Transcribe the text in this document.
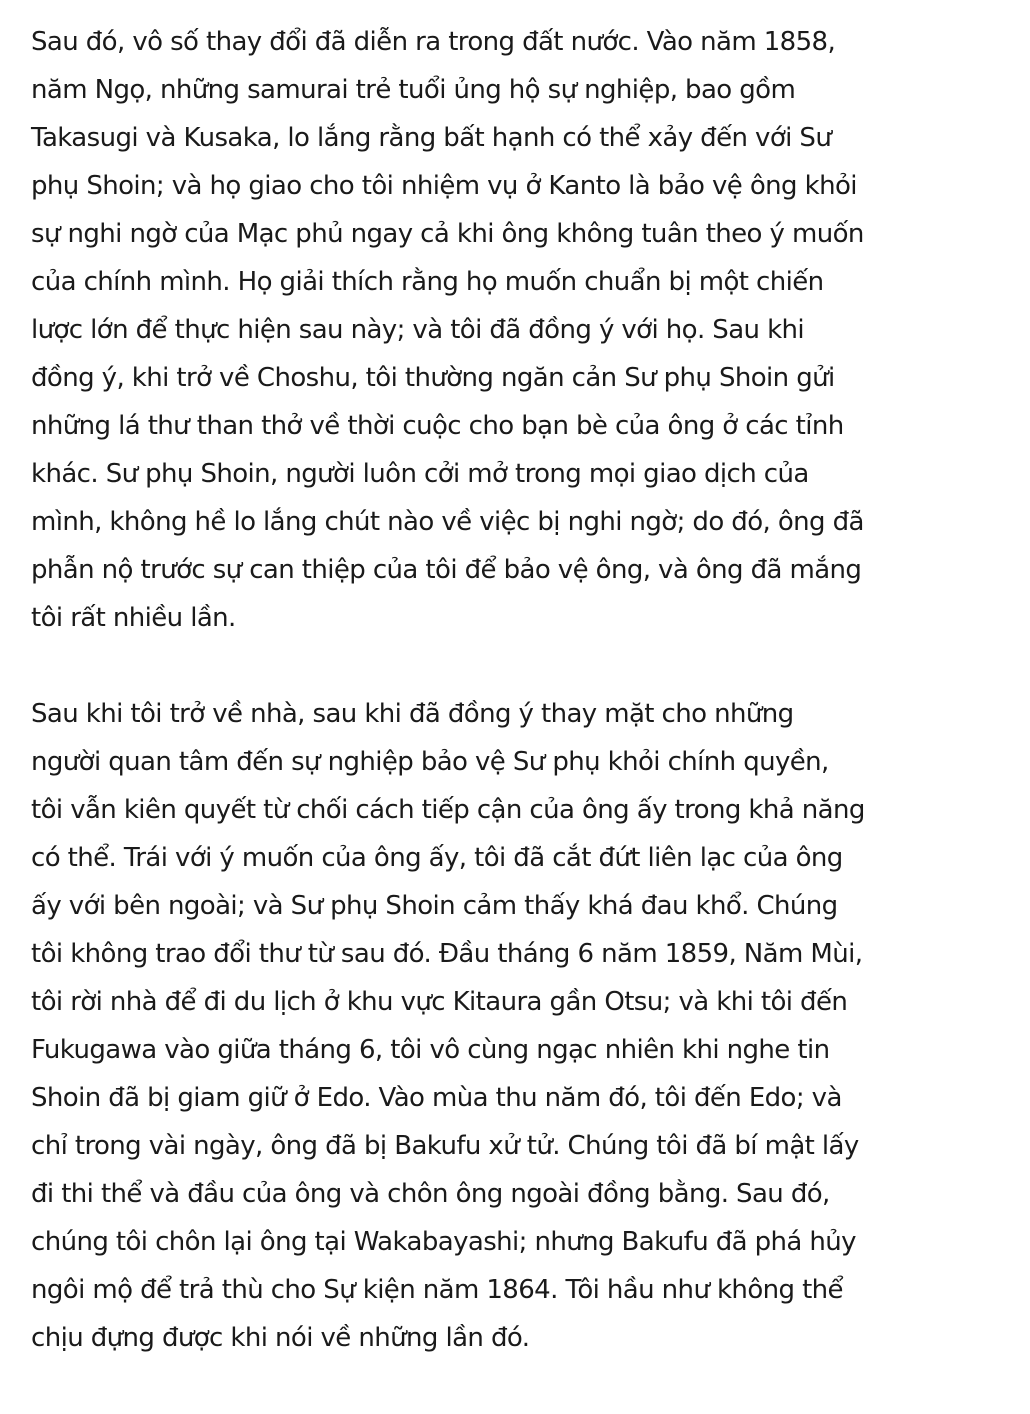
Sau đó, vô số thay đổi đã diễn ra trong đất nước. Vào năm 1858,
năm Ngọ, những samurai trẻ tuổi ủng hộ sự nghiệp, bao gồm
Takasugi và Kusaka, lo lắng rằng bất hạnh có thể xảy đến với Sư
phụ Shoin; và họ giao cho tôi nhiệm vụ ở Kanto là bảo vệ ông khỏi
sự nghi ngờ của Mạc phủ ngay cả khi ông không tuân theo ý muốn
của chính mình. Họ giải thích rằng họ muốn chuẩn bị một chiến
lược lớn để thực hiện sau này; và tôi đã đồng ý với họ. Sau khi
đồng ý, khi trở về Choshu, tôi thường ngăn cản Sư phụ Shoin gửi
những lá thư than thở về thời cuộc cho bạn bè của ông ở các tỉnh
khác. Sư phụ Shoin, người luôn cởi mở trong mọi giao dịch của
mình, không hề lo lắng chút nào về việc bị nghi ngờ; do đó, ông đã
phẫn nộ trước sự can thiệp của tôi để bảo vệ ông, và ông đã mắng
tôi rất nhiều lần.

Sau khi tôi trở về nhà, sau khi đã đồng ý thay mặt cho những
người quan tâm đến sự nghiệp bảo vệ Sư phụ khỏi chính quyền,
tôi vẫn kiên quyết từ chối cách tiếp cận của ông ấy trong khả năng
có thể. Trái với ý muốn của ông ấy, tôi đã cắt đứt liên lạc của ông
ấy với bên ngoài; và Sư phụ Shoin cảm thấy khá đau khổ. Chúng
tôi không trao đổi thư từ sau đó. Đầu tháng 6 năm 1859, Năm Mùi,
tôi rời nhà để đi du lịch ở khu vực Kitaura gần Otsu; và khi tôi đến
Fukugawa vào giữa tháng 6, tôi vô cùng ngạc nhiên khi nghe tin
Shoin đã bị giam giữ ở Edo. Vào mùa thu năm đó, tôi đến Edo; và
chỉ trong vài ngày, ông đã bị Bakufu xử tử. Chúng tôi đã bí mật lấy
đi thi thể và đầu của ông và chôn ông ngoài đồng bằng. Sau đó,
chúng tôi chôn lại ông tại Wakabayashi; nhưng Bakufu đã phá hủy
ngôi mộ để trả thù cho Sự kiện năm 1864. Tôi hầu như không thể
chịu đựng được khi nói về những lần đó.
